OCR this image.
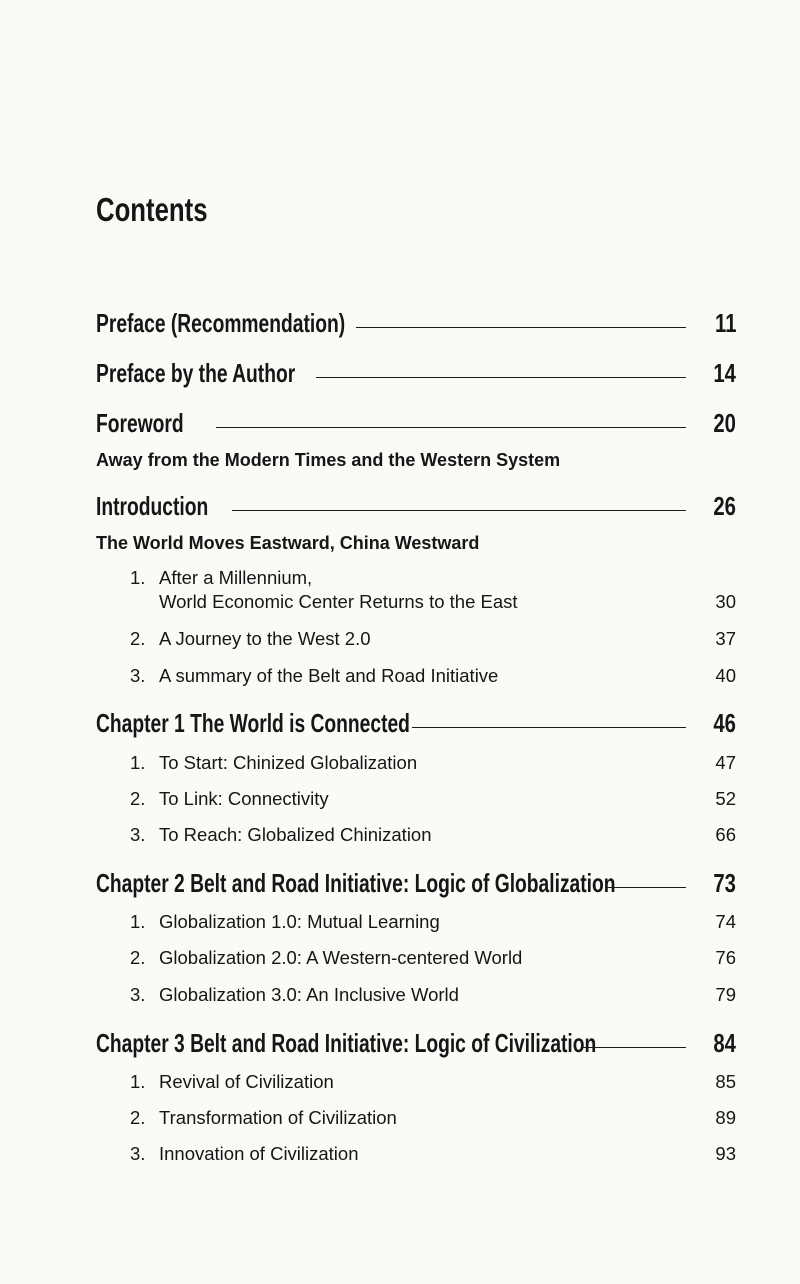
Contents
Preface (Recommendation)	11
Preface by the Author	14
Foreword	20
Away from the Modern Times and the Western System
Introduction	26
The World Moves Eastward, China Westward
1. After a Millennium,
World Economic Center Returns to the East	30
2. A Journey to the West 2.0	37
3. A summary of the Belt and Road Initiative	40
Chapter 1 The World is Connected	46
1. To Start: Chinized Globalization	47
2. To Link: Connectivity	52
3. To Reach: Globalized Chinization	66
Chapter 2 Belt and Road Initiative: Logic of Globalization	73
1. Globalization 1.0: Mutual Learning	74
2. Globalization 2.0: A Western-centered World	76
3. Globalization 3.0: An Inclusive World	79
Chapter 3 Belt and Road Initiative: Logic of Civilization	84
1. Revival of Civilization	85
2. Transformation of Civilization	89
3. Innovation of Civilization	93
